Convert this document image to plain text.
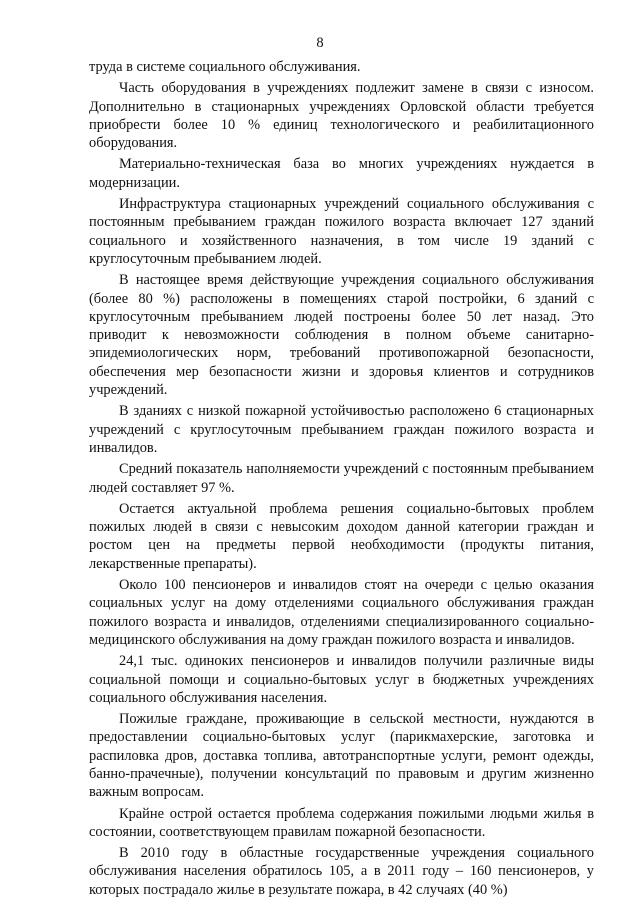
8

труда в системе социального обслуживания.

Часть оборудования в учреждениях подлежит замене в связи с износом. Дополнительно в стационарных учреждениях Орловской области требуется приобрести более 10 % единиц технологического и реабилитационного оборудования.

Материально-техническая база во многих учреждениях нуждается в модернизации.

Инфраструктура стационарных учреждений социального обслуживания с постоянным пребыванием граждан пожилого возраста включает 127 зданий социального и хозяйственного назначения, в том числе 19 зданий с круглосуточным пребыванием людей.

В настоящее время действующие учреждения социального обслуживания (более 80 %) расположены в помещениях старой постройки, 6 зданий с круглосуточным пребыванием людей построены более 50 лет назад. Это приводит к невозможности соблюдения в полном объеме санитарно-эпидемиологических норм, требований противопожарной безопасности, обеспечения мер безопасности жизни и здоровья клиентов и сотрудников учреждений.

В зданиях с низкой пожарной устойчивостью расположено 6 стационарных учреждений с круглосуточным пребыванием граждан пожилого возраста и инвалидов.

Средний показатель наполняемости учреждений с постоянным пребыванием людей составляет 97 %.

Остается актуальной проблема решения социально-бытовых проблем пожилых людей в связи с невысоким доходом данной категории граждан и ростом цен на предметы первой необходимости (продукты питания, лекарственные препараты).

Около 100 пенсионеров и инвалидов стоят на очереди с целью оказания социальных услуг на дому отделениями социального обслуживания граждан пожилого возраста и инвалидов, отделениями специализированного социально-медицинского обслуживания на дому граждан пожилого возраста и инвалидов.

24,1 тыс. одиноких пенсионеров и инвалидов получили различные виды социальной помощи и социально-бытовых услуг в бюджетных учреждениях социального обслуживания населения.

Пожилые граждане, проживающие в сельской местности, нуждаются в предоставлении социально-бытовых услуг (парикмахерские, заготовка и распиловка дров, доставка топлива, автотранспортные услуги, ремонт одежды, банно-прачечные), получении консультаций по правовым и другим жизненно важным вопросам.

Крайне острой остается проблема содержания пожилыми людьми жилья в состоянии, соответствующем правилам пожарной безопасности.

В 2010 году в областные государственные учреждения социального обслуживания населения обратилось 105, а в 2011 году – 160 пенсионеров, у которых пострадало жилье в результате пожара, в 42 случаях (40 %)
